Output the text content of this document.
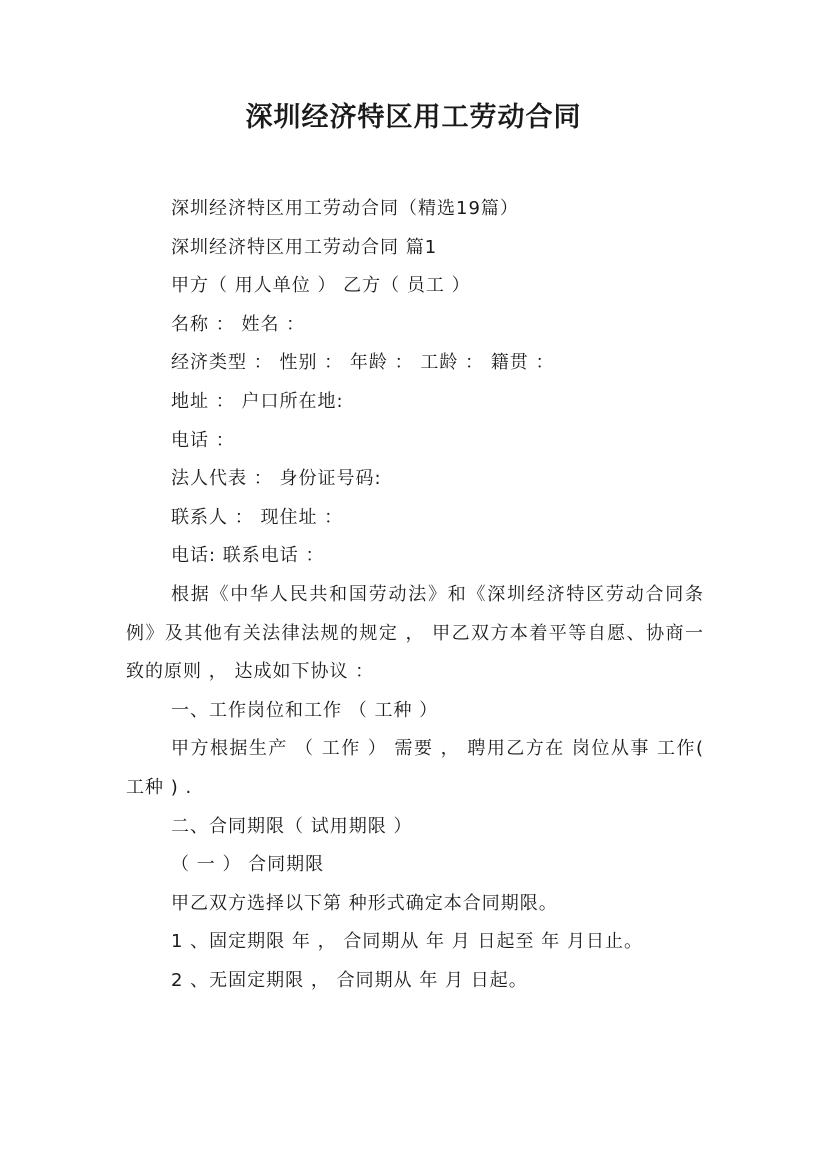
深圳经济特区用工劳动合同

深圳经济特区用工劳动合同（精选19篇）

深圳经济特区用工劳动合同 篇1

甲方（ 用人单位 ） 乙方（ 员工 ）

名称 ： 姓名 ：

经济类型 ： 性别 ： 年龄 ： 工龄 ： 籍贯 ：

地址 ： 户口所在地:

电话 ：

法人代表 ： 身份证号码:

联系人 ： 现住址 ：

电话: 联系电话 ：

根据《中华人民共和国劳动法》和《深圳经济特区劳动合同条例》及其他有关法律法规的规定 ， 甲乙双方本着平等自愿、协商一致的原则 ， 达成如下协议 ：

一、工作岗位和工作 （ 工种 ）

甲方根据生产 （ 工作 ） 需要 ， 聘用乙方在 岗位从事 工作( 工种 ) .

二、合同期限（ 试用期限 ）

（ 一 ） 合同期限

甲乙双方选择以下第 种形式确定本合同期限。

1 、固定期限 年 ， 合同期从 年 月 日起至 年 月日止。

2 、无固定期限 ， 合同期从 年 月 日起。
